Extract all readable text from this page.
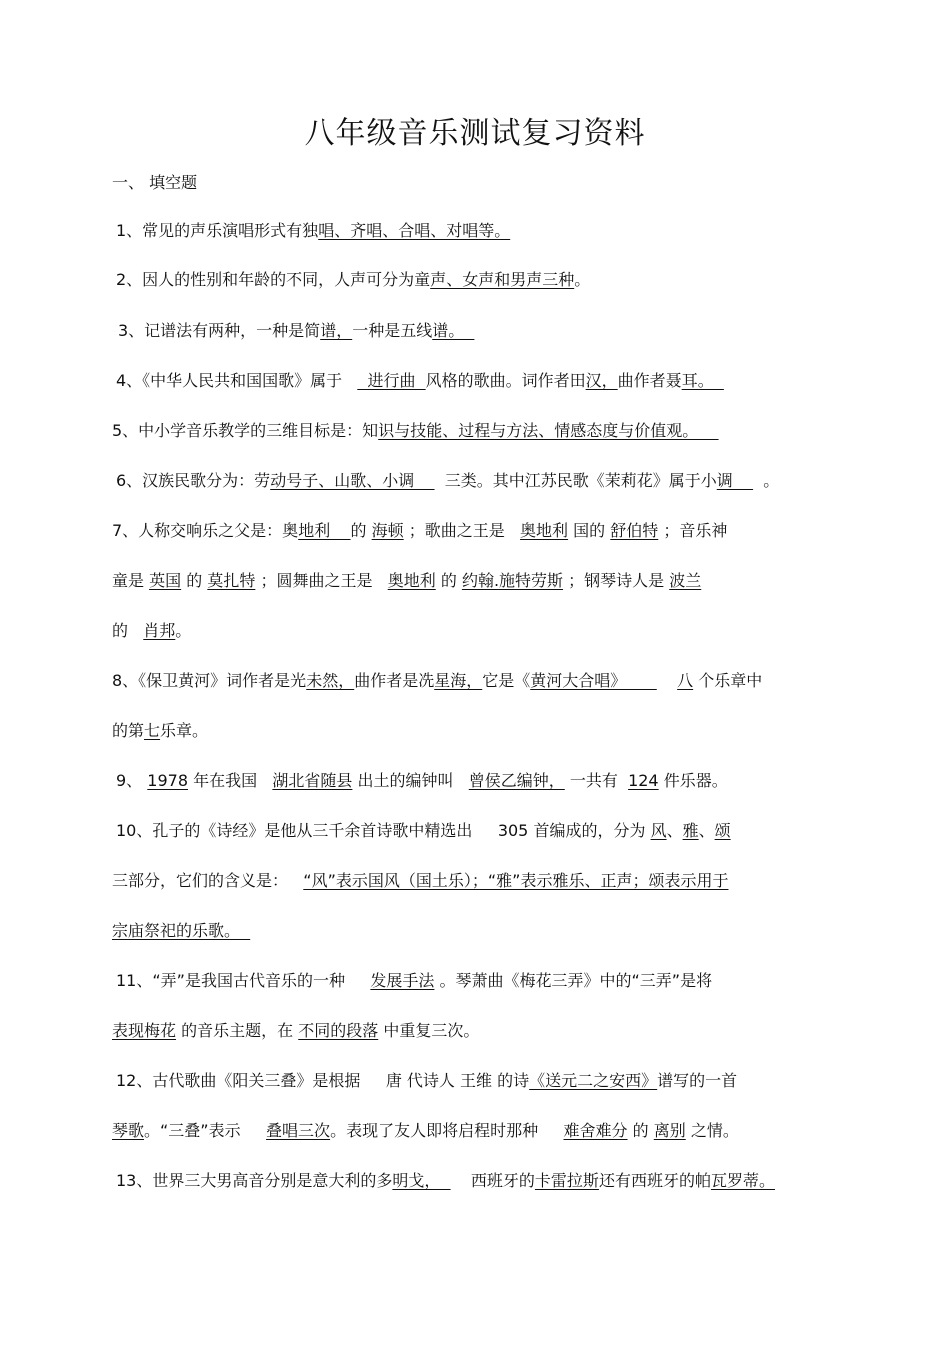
八年级音乐测试复习资料
一、 填空题
1、常见的声乐演唱形式有独唱、齐唱、合唱、对唱等。
2、因人的性别和年龄的不同，人声可分为童声、女声和男声三种。
3、记谱法有两种，一种是简谱，一种是五线谱。
4、《中华人民共和国国歌》属于   进行曲  风格的歌曲。词作者田汉，曲作者聂耳。
5、中小学音乐教学的三维目标是：知识与技能、过程与方法、情感态度与价值观。
6、汉族民歌分为：劳动号子、山歌、小调      三类。其中江苏民歌《茉莉花》属于小调      。
7、人称交响乐之父是：奥地利    的 海顿 ；歌曲之王是 奥地利 国的 舒伯特 ；音乐神
童是 英国 的 莫扎特 ；圆舞曲之王是 奥地利 的 约翰.施特劳斯 ；钢琴诗人是 波兰
的 肖邦。
8、《保卫黄河》词作者是光未然，曲作者是冼星海，它是《黄河大合唱》          八 个乐章中
的第七乐章。
9、 1978 年在我国 湖北省随县 出土的编钟叫 曾侯乙编钟， 一共有 124 件乐器。
10、孔子的《诗经》是他从三千余首诗歌中精选出 305 首编成的，分为 风、雅、颂
三部分，它们的含义是： “风”表示国风（国土乐）；“雅”表示雅乐、正声；颂表示用于
宗庙祭祀的乐歌。
11、“弄”是我国古代音乐的一种 发展手法 。琴萧曲《梅花三弄》中的“三弄”是将
表现梅花 的音乐主题，在 不同的段落 中重复三次。
12、古代歌曲《阳关三叠》是根据 唐 代诗人 王维 的诗《送元二之安西》谱写的一首
琴歌。“三叠”表示 叠唱三次。表现了友人即将启程时那种 难舍难分 的 离别 之情。
13、世界三大男高音分别是意大利的多明戈，      西班牙的卡雷拉斯还有西班牙的帕瓦罗蒂。
